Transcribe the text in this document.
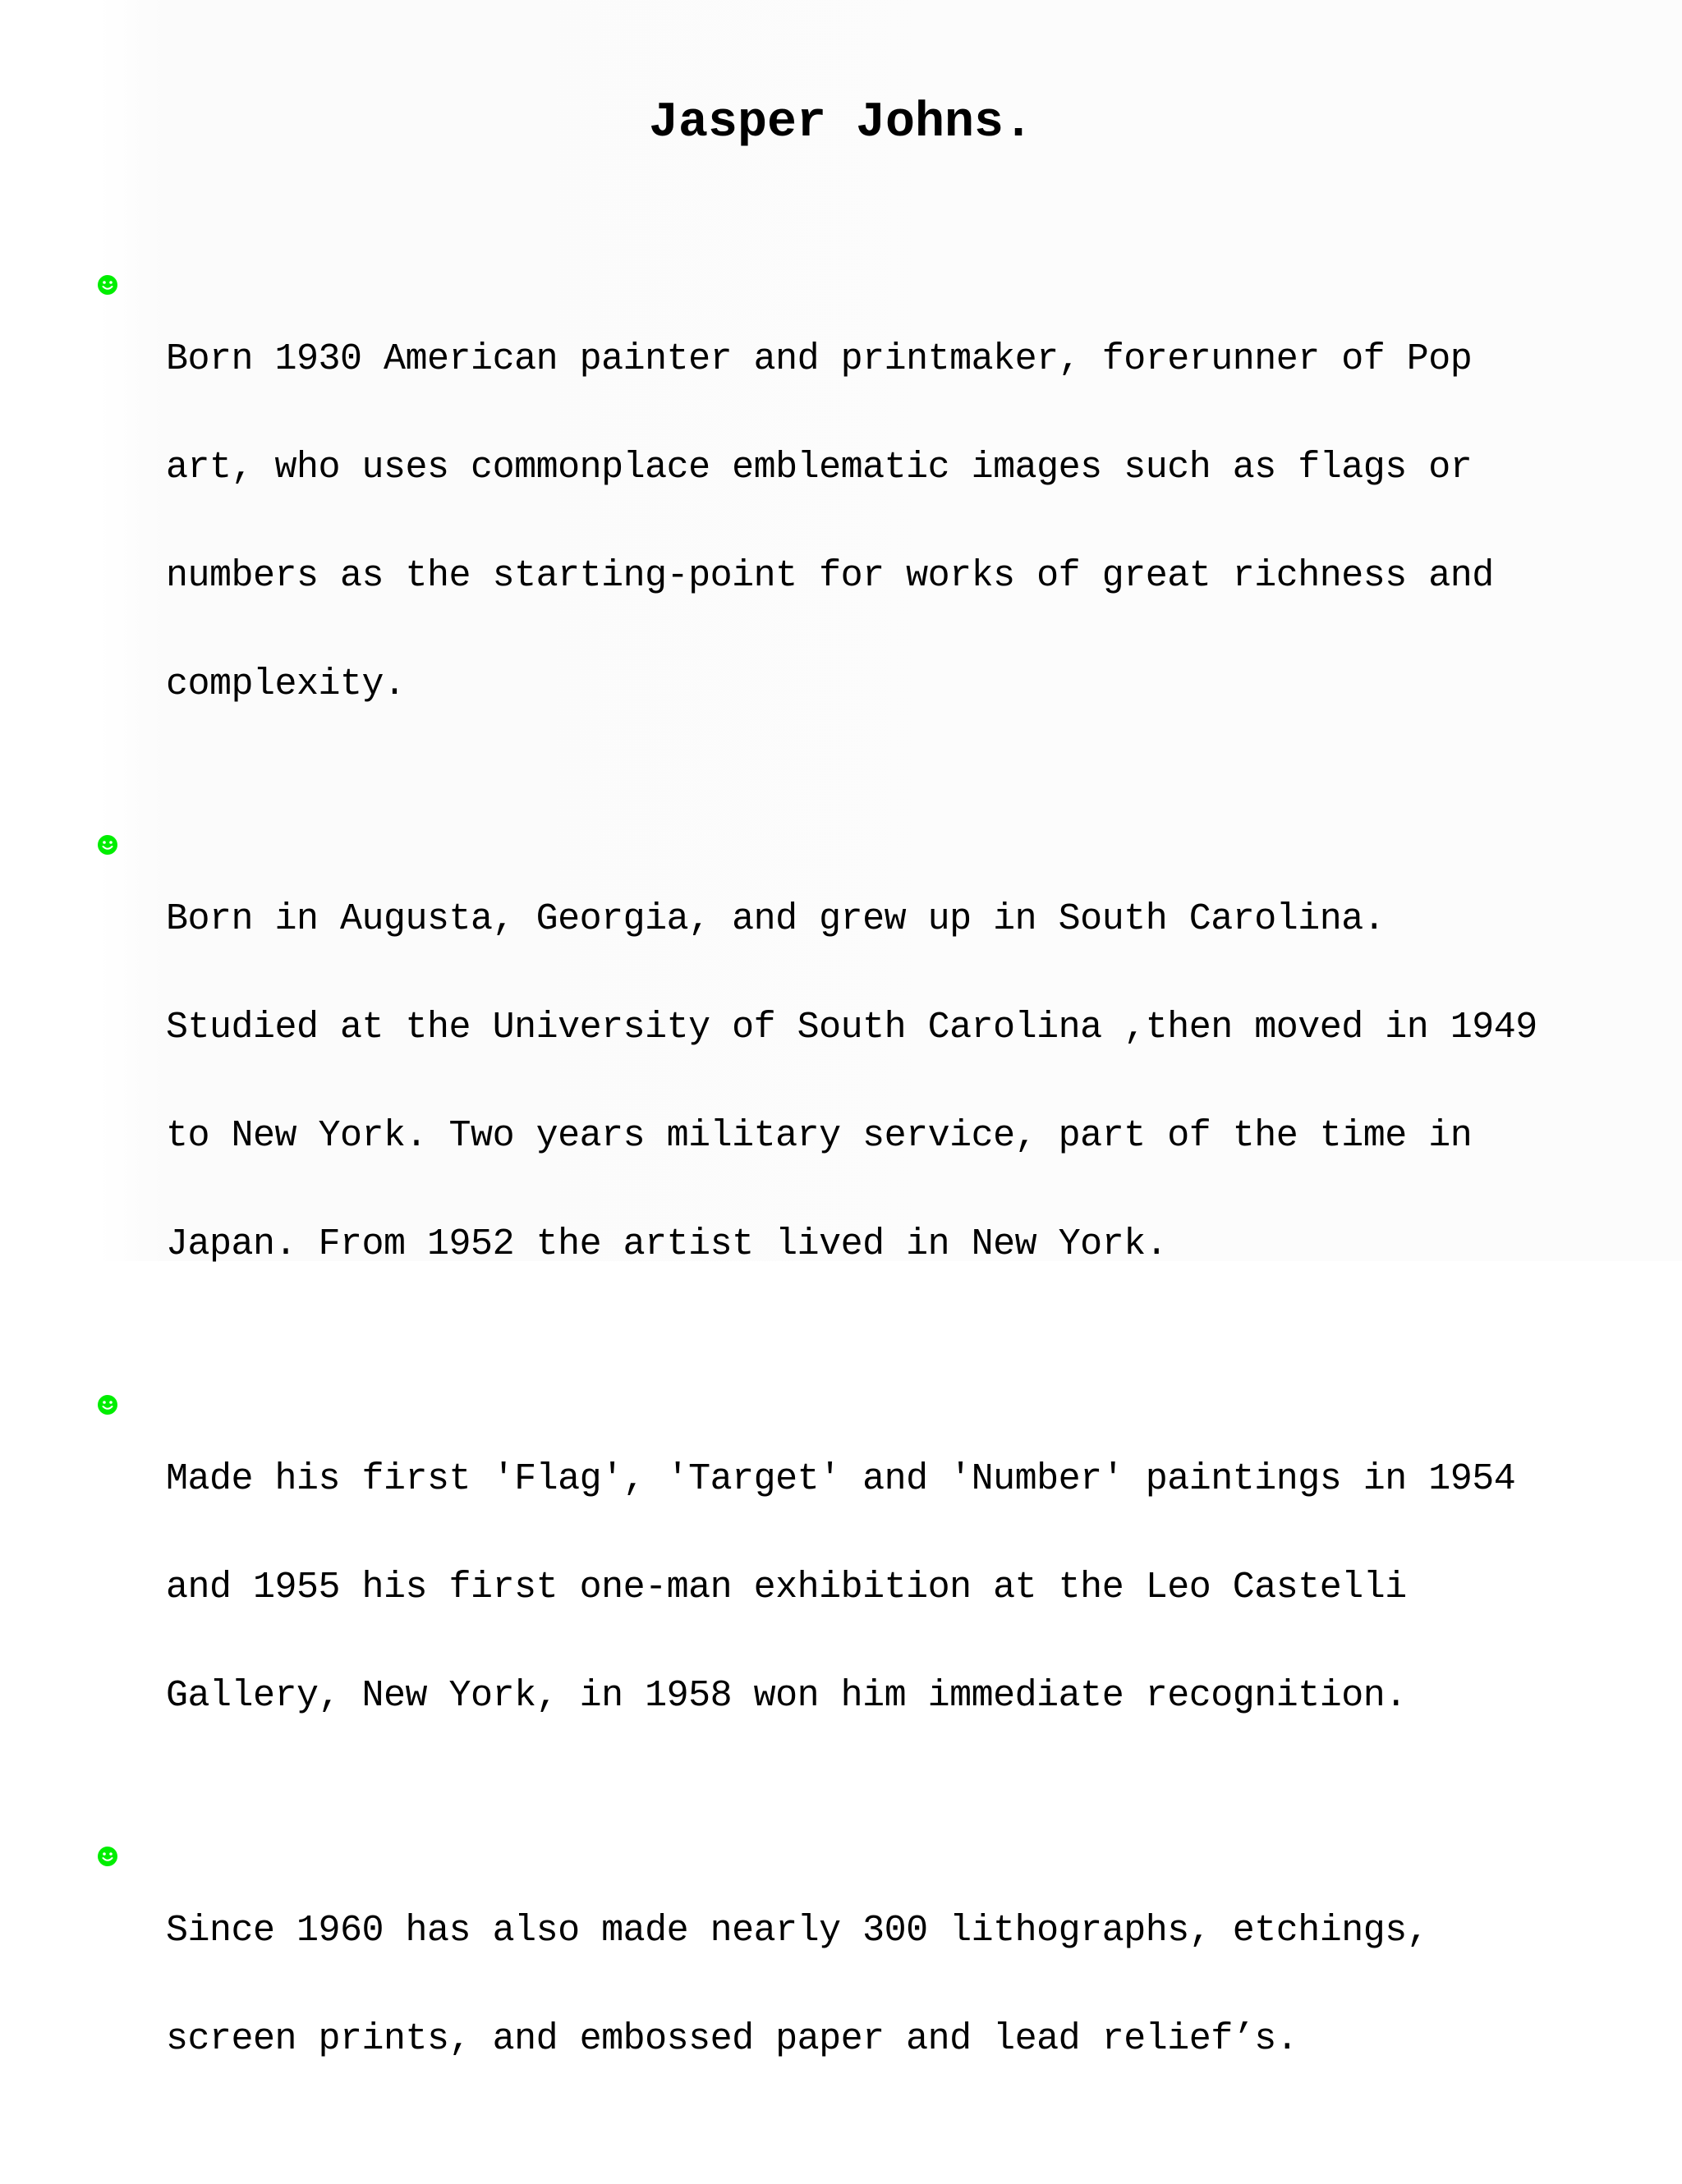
Jasper Johns.

Born 1930 American painter and printmaker, forerunner of Pop

art, who uses commonplace emblematic images such as flags or

numbers as the starting-point for works of great richness and

complexity.

Born in Augusta, Georgia, and grew up in South Carolina.

Studied at the University of South Carolina ,then moved in 1949

to New York. Two years military service, part of the time in

Japan. From 1952 the artist lived in New York.

Made his first 'Flag', 'Target' and 'Number' paintings in 1954

and 1955 his first one-man exhibition at the Leo Castelli

Gallery, New York, in 1958 won him immediate recognition.

Since 1960 has also made nearly 300 lithographs, etchings,

screen prints, and embossed paper and lead relief’s.
